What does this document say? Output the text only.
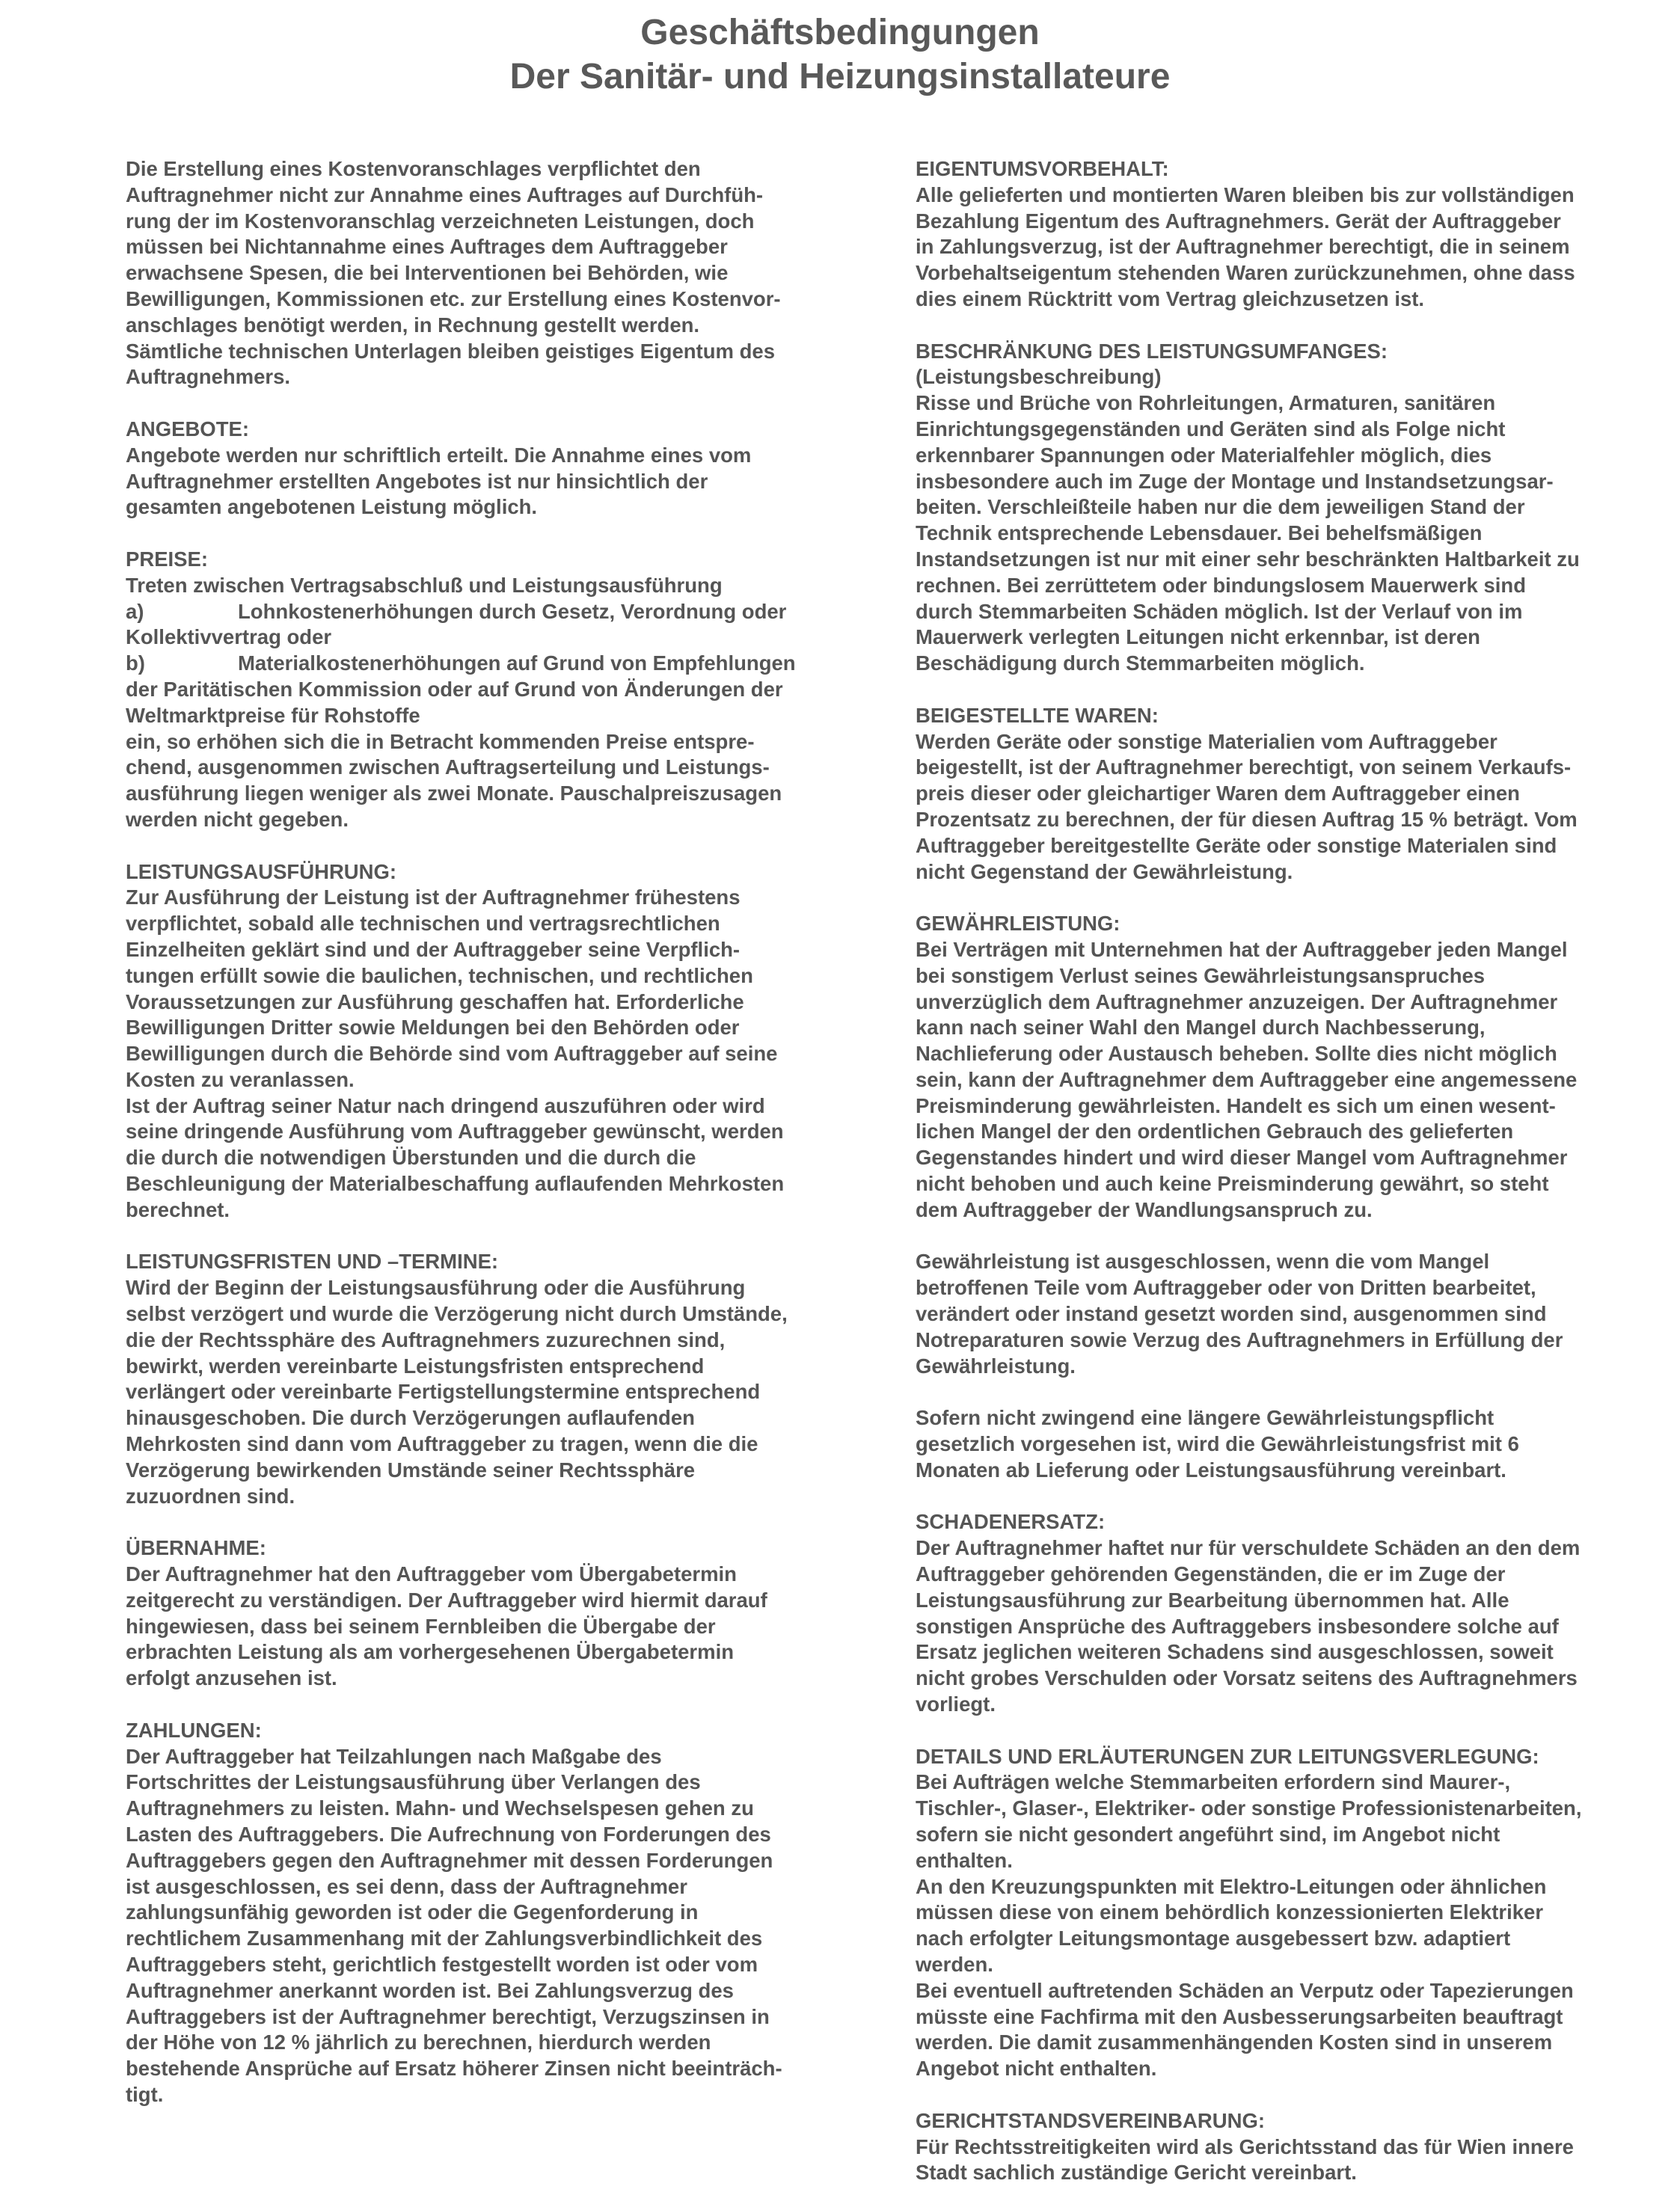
Geschäftsbedingungen
Der Sanitär- und Heizungsinstallateure
Die Erstellung eines Kostenvoranschlages verpflichtet den
Auftragnehmer nicht zur Annahme eines Auftrages auf Durchfüh-
rung der im Kostenvoranschlag verzeichneten Leistungen, doch
müssen bei Nichtannahme eines Auftrages dem Auftraggeber
erwachsene Spesen, die bei Interventionen bei Behörden, wie
Bewilligungen, Kommissionen etc. zur Erstellung eines Kostenvor-
anschlages benötigt werden, in Rechnung gestellt werden.
Sämtliche technischen Unterlagen bleiben geistiges Eigentum des
Auftragnehmers.
ANGEBOTE:
Angebote werden nur schriftlich erteilt. Die Annahme eines vom
Auftragnehmer erstellten Angebotes ist nur hinsichtlich der
gesamten angebotenen Leistung möglich.
PREISE:
Treten zwischen Vertragsabschluß und Leistungsausführung
a)	Lohnkostenerhöhungen durch Gesetz, Verordnung oder
Kollektivvertrag oder
b)	Materialkostenerhöhungen auf Grund von Empfehlungen
der Paritätischen Kommission oder auf Grund von Änderungen der
Weltmarktpreise für Rohstoffe
ein, so erhöhen sich die in Betracht kommenden Preise entspre-
chend, ausgenommen zwischen Auftragserteilung und Leistungs-
ausführung liegen weniger als zwei Monate. Pauschalpreiszusagen
werden nicht gegeben.
LEISTUNGSAUSFÜHRUNG:
Zur Ausführung der Leistung ist der Auftragnehmer frühestens
verpflichtet, sobald alle technischen und vertragsrechtlichen
Einzelheiten geklärt sind und der Auftraggeber seine Verpflich-
tungen erfüllt sowie die baulichen, technischen, und rechtlichen
Voraussetzungen zur Ausführung geschaffen hat. Erforderliche
Bewilligungen Dritter sowie Meldungen bei den Behörden oder
Bewilligungen durch die Behörde sind vom Auftraggeber auf seine
Kosten zu veranlassen.
Ist der Auftrag seiner Natur nach dringend auszuführen oder wird
seine dringende Ausführung vom Auftraggeber gewünscht, werden
die durch die notwendigen Überstunden und die durch die
Beschleunigung der Materialbeschaffung auflaufenden Mehrkosten
berechnet.
LEISTUNGSFRISTEN UND –TERMINE:
Wird der Beginn der Leistungsausführung oder die Ausführung
selbst verzögert und wurde die Verzögerung nicht durch Umstände,
die der Rechtssphäre des Auftragnehmers zuzurechnen sind,
bewirkt, werden vereinbarte Leistungsfristen entsprechend
verlängert oder vereinbarte Fertigstellungstermine entsprechend
hinausgeschoben. Die durch Verzögerungen auflaufenden
Mehrkosten sind dann vom Auftraggeber zu tragen, wenn die die
Verzögerung bewirkenden Umstände seiner Rechtssphäre
zuzuordnen sind.
ÜBERNAHME:
Der Auftragnehmer hat den Auftraggeber vom Übergabetermin
zeitgerecht zu verständigen. Der Auftraggeber wird hiermit darauf
hingewiesen, dass bei seinem Fernbleiben die Übergabe der
erbrachten Leistung als am vorhergesehenen Übergabetermin
erfolgt anzusehen ist.
ZAHLUNGEN:
Der Auftraggeber hat Teilzahlungen nach Maßgabe des
Fortschrittes der Leistungsausführung über Verlangen des
Auftragnehmers zu leisten. Mahn- und Wechselspesen gehen zu
Lasten des Auftraggebers. Die Aufrechnung von Forderungen des
Auftraggebers gegen den Auftragnehmer mit dessen Forderungen
ist ausgeschlossen, es sei denn, dass der Auftragnehmer
zahlungsunfähig geworden ist oder die Gegenforderung in
rechtlichem Zusammenhang mit der Zahlungsverbindlichkeit des
Auftraggebers steht, gerichtlich festgestellt worden ist oder vom
Auftragnehmer anerkannt worden ist. Bei Zahlungsverzug des
Auftraggebers ist der Auftragnehmer berechtigt, Verzugszinsen in
der Höhe von 12 % jährlich zu berechnen, hierdurch werden
bestehende Ansprüche auf Ersatz höherer Zinsen nicht beeinträch-
tigt.
EIGENTUMSVORBEHALT:
Alle gelieferten und montierten Waren bleiben bis zur vollständigen
Bezahlung Eigentum des Auftragnehmers. Gerät der Auftraggeber
in Zahlungsverzug, ist der Auftragnehmer berechtigt, die in seinem
Vorbehaltseigentum stehenden Waren zurückzunehmen, ohne dass
dies einem Rücktritt vom Vertrag gleichzusetzen ist.
BESCHRÄNKUNG DES LEISTUNGSUMFANGES:
(Leistungsbeschreibung)
Risse und Brüche von Rohrleitungen, Armaturen, sanitären
Einrichtungsgegenständen und Geräten sind als Folge nicht
erkennbarer Spannungen oder Materialfehler möglich, dies
insbesondere auch im Zuge der Montage und Instandsetzungsar-
beiten. Verschleißteile haben nur die dem jeweiligen Stand der
Technik entsprechende Lebensdauer. Bei behelfsmäßigen
Instandsetzungen ist nur mit einer sehr beschränkten Haltbarkeit zu
rechnen. Bei zerrüttetem oder bindungslosem Mauerwerk sind
durch Stemmarbeiten Schäden möglich. Ist der Verlauf von im
Mauerwerk verlegten Leitungen nicht erkennbar, ist deren
Beschädigung durch Stemmarbeiten möglich.
BEIGESTELLTE WAREN:
Werden Geräte oder sonstige Materialien vom Auftraggeber
beigestellt, ist der Auftragnehmer berechtigt, von seinem Verkaufs-
preis dieser oder gleichartiger Waren dem Auftraggeber einen
Prozentsatz zu berechnen, der für diesen Auftrag 15 % beträgt. Vom
Auftraggeber bereitgestellte Geräte oder sonstige Materialen sind
nicht Gegenstand der Gewährleistung.
GEWÄHRLEISTUNG:
Bei Verträgen mit Unternehmen hat der Auftraggeber jeden Mangel
bei sonstigem Verlust seines Gewährleistungsanspruches
unverzüglich dem Auftragnehmer anzuzeigen. Der Auftragnehmer
kann nach seiner Wahl den Mangel durch Nachbesserung,
Nachlieferung oder Austausch beheben. Sollte dies nicht möglich
sein, kann der Auftragnehmer dem Auftraggeber eine angemessene
Preisminderung gewährleisten. Handelt es sich um einen wesent-
lichen Mangel der den ordentlichen Gebrauch des gelieferten
Gegenstandes hindert und wird dieser Mangel vom Auftragnehmer
nicht behoben und auch keine Preisminderung gewährt, so steht
dem Auftraggeber der Wandlungsanspruch zu.
Gewährleistung ist ausgeschlossen, wenn die vom Mangel
betroffenen Teile vom Auftraggeber oder von Dritten bearbeitet,
verändert oder instand gesetzt worden sind, ausgenommen sind
Notreparaturen sowie Verzug des Auftragnehmers in Erfüllung der
Gewährleistung.
Sofern nicht zwingend eine längere Gewährleistungspflicht
gesetzlich vorgesehen ist, wird die Gewährleistungsfrist mit 6
Monaten ab Lieferung oder Leistungsausführung vereinbart.
SCHADENERSATZ:
Der Auftragnehmer haftet nur für verschuldete Schäden an den dem
Auftraggeber gehörenden Gegenständen, die er im Zuge der
Leistungsausführung zur Bearbeitung übernommen hat. Alle
sonstigen Ansprüche des Auftraggebers insbesondere solche auf
Ersatz jeglichen weiteren Schadens sind ausgeschlossen, soweit
nicht grobes Verschulden oder Vorsatz seitens des Auftragnehmers
vorliegt.
DETAILS UND ERLÄUTERUNGEN ZUR LEITUNGSVERLEGUNG:
Bei Aufträgen welche Stemmarbeiten erfordern sind Maurer-,
Tischler-, Glaser-, Elektriker- oder sonstige Professionistenarbeiten,
sofern sie nicht gesondert angeführt sind, im Angebot nicht
enthalten.
An den Kreuzungspunkten mit Elektro-Leitungen oder ähnlichen
müssen diese von einem behördlich konzessionierten Elektriker
nach erfolgter Leitungsmontage ausgebessert bzw. adaptiert
werden.
Bei eventuell auftretenden Schäden an Verputz oder Tapezierungen
müsste eine Fachfirma mit den Ausbesserungsarbeiten beauftragt
werden. Die damit zusammenhängenden Kosten sind in unserem
Angebot nicht enthalten.
GERICHTSTANDSVEREINBARUNG:
Für Rechtsstreitigkeiten wird als Gerichtsstand das für Wien innere
Stadt sachlich zuständige Gericht vereinbart.
